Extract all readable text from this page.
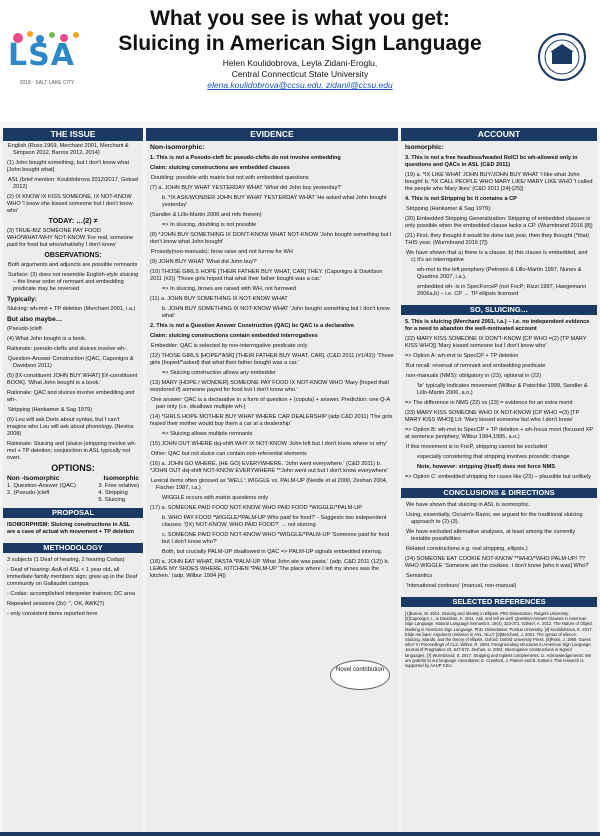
LSA
2018 · SALT LAKE CITY
What you see is what you get:
Sluicing in American Sign Language
Helen Koulidobrova, Leyla Zidani-Eroglu,
Central Connecticut State University
elena.koulidobrova@ccsu.edu, zidanil@ccsu.edu
THE ISSUE

English (Ross 1969, Merchant 2001, Merchant & Simpson 2012, Barros 2012, 2014)

(1) John bought something, but I don't know what [John bought what]

ASL (brief mention: Koulidobrova 2012/2017, Goksel 2012)

(2) IX KNOW IX KISS SOMEONE, IX NOT-KNOW WHO 'I know she kissed someone but I don't know who'

TODAY: …(2) ≠

(3) TRUE-BIZ SOMEONE PAY FOOD WHO/WHAT/WHY NOT-KNOW 'For real, someone paid for food but who/what/why I don't know'

OBSERVATIONS:

Both arguments and adjuncts are possible remnants

Surface: (3) does not resemble English-style sluicing – the linear order of remnant and embedding predicate may be reversed

Typically:

Sluicing: wh-mvt + TP deletion (Merchant 2001, i.a.)

But also maybe…

(Pseudo-)cleft

(4) What John bought is a book.

Rationale: pseudo-clefts and sluices involve wh-.

Question-Answer Construction (QAC, Caponigro & Davidson 2011)

(5) [IX-constituent JOHN BUY WHAT] [IX-constituent BOOK]. 'What John bought is a book.'

Rationale: QAC and sluices involve embedding and wh-.

Stripping (Hankamer & Sag 1979)

(6) Lou will ask Doris about syntax, but I can't imagine who Lou will ask about phonology. (Nevins 2008)

Rationale: Sluicing and (sluice-)stripping involve wh-mvt + TP deletion; conjunction in ASL typically not overt.

OPTIONS:

Non -Isomorphic	Isomorphic
1. Question-Answer (QAC)
2. (Pseudo-)cleft
3. Free relative)
4. Stripping
5. Sluicing
PROPOSAL

ISOMORPHISM: Sluicing constructions in ASL are a case of actual wh movement + TP deletion

METHODOLOGY

3 subjects (1 Deaf of hearing, 2 hearing Codas)

- Deaf of hearing: AoA of ASL < 1 year old, all immediate family members sign; grew up in the Deaf community on Gallaudet campus

- Codas: accomplished interpreter trainers; DC area

Repeated sessions (3x): ", OK, AWK(?)

- only consistent items reported here

EVIDENCE

Non-isomorphic:

1. This is not a Pseudo-cleft bc pseudo-clefts do not involve embedding

Claim: sluicing constructions are embedded clauses

Doubling: possible with matrix but not with embedded questions

(7) a. JOHN BUY WHAT YESTERDAY WHAT 'What did John buy yesterday?'

b. *IX ASK/WONDER JOHN BUY WHAT YESTERDAY WHAT 'He asked what John bought yesterday'

(Sandler & Lillo-Martin 2006 and refs therein)

=> In sluicing, doubling is not possible

(8) *JOHN BUY SOMETHING IX DON'T-KNOW WHAT NOT-KNOW 'John bought something but I don't know what John bought'

Prosody(non-manuals): brow raise and not furrow for WH

(9) JOHN BUY WHAT 'What did John buy?'

(10) THOSE GIRLS HOPE [THEIR FATHER BUY WHAT, CAR] THEY. (Caponigro & Davidson 2011 (#2)) 'Those girls hoped that what their father bought was a car.'

=> In sluicing, brows are raised with WH, not furrowed

(11) a. JOHN BUY SOMETHING IX NOT-KNOW WHAT

b. JOHN BUY SOMETHING IX NOT-KNOW WHAT 'John bought something but I don't know what'

2. This is not a Question Answer Construction (QAC) bc QAC is a declarative

Claim: sluicing constructions contain embedded interrogatives

Embedder: QAC is selected by non-interrogative predicate only

(12) THOSE GIRLS [HOPE/*ASK] [THEIR FATHER BUY WHAT, CAR]. (C&D 2011 (#1/42)) 'Those girls {hoped/*asked} that what their father bought was a car.'

=> Sluicing construction allows any embedder

(13) MARY {HOPE / WONDER} SOMEONE PAY FOOD IX NOT-KNOW WHO 'Mary {hoped that/ wondered if} someone payed for food but I don't know who.'

One answer: QAC is a declarative in a form of question + (copula) + answer. Prediction: one Q-A pair only (i.e. disallows multiple wh-)

(14) *GIRLS HOPE MOTHER BUY WHAT WHERE CAR DEALERSHIP (adp C&D 2011) 'The girls hoped their mother would buy them a car at a dealership'

=> Sluicing allows multiple remnants

(15) JOHN OUT WHERE dsj-shift WHY IX NOT-KNOW 'John left but I don't know where or why'

Other: QAC but not sluice can contain non-referential elements

(16) a. JOHN GO WHERE, (HE GO) EVERYWHERE. 'John went everywhere.' (C&D 2011) b. *JOHN OUT dsj-shift NOT-KNOW EVERYWHERE **John went out but I don't know everywhere'

Lexical items often glossed as 'WELL': WIGGLE vs. PALM-UP (Neidle et al 2000, Zeshan 2004, Fischer 1987, i.a.)

WIGGLE occurs with matrix questions only

(17) a. SOMEONE PAID FOOD NOT-KNOW WHO PAID FOOD *WIGGLE/*PALM-UP

b. WHO PAY FOOD *WIGGLE/*PALM-UP Who paid for food?' - Suggests two independent clauses: '(IX) NOT-KNOW, WHO PAID FOOD?' → not sluicing

c. SOMEONE PAID FOOD NOT-KNOW WHO *WIGGLE/*PALM-UP 'Someone paid for food but I don't know who?'

Both, but crucially PALM-UP disallowed in QAC => PALM-UP signals embedded interrog.

(18) a. JOHN EAT WHAT, PASTA *PALM-UP 'What John ate was pasta.' (adp. C&D 2011 (12)) b. LEAVE MY SHOES WHERE, KITCHEN *PALM-UP 'The place where I left my shoes was the kitchen.' (adp. Wilbur 1994 [4])

Novel contribution
ACCOUNT

Isomorphic:

3. This is not a free headless/headed RelCl bc wh-allowed only in questions and QACs in ASL (C&D 2011)

(19) a. *IX LIKE WHAT JOHN BUY/JOHN BUY WHAT 'I like what John bought' b. *IX CALL PEOPLE WHO MARY LIKE/ MARY LIKE WHO 'I called the people who Mary likes' (C&D 2011 [24]-[25])

4. This is not Stripping bc it contains a CP

Stripping (Hankamer & Sag 1979):

(20) Embedded Stripping Generalization: Stripping of embedded clauses is only possible when the embedded clause lacks a CP. (Wurmbrand 2016 [8])

(21) First, they thought it would be done last year, then they thought (*that) THIS year. (Wurmbrand 2016 [7])

We have shown that a) there is a clause, b) this clause is embedded, and c) it's an interrogative

wh-mvt to the left periphery (Petronio & Lillo-Martin 1997, Nunes & Quadros 2007, i.a.),

embedded wh- is in SpecForceP (not FocP; Rizzi 1997, Haegemann 2006a,b) – i.e. CP → TP ellipsis licensed

SO, SLUICING…

5. This is sluicing (Merchant 2001, i.a.) – i.e. no independent evidence for a need to abandon the well-motivated account

(22) MARY KISS SOMEONE IX DON'T-KNOW [CP WHO =(2) [TP MARY KISS WHO]] 'Mary kissed someone but I don't know who'

=> Option A: wh-mvt to SpecCP + TP deletion

But recall: reversal of remnant and embedding predicate

non-manuals (NMS): obligatory in (23), optional in (22)

'br' typically indicates movement (Wilbur & Patschke 1999, Sandler & Lillo-Martin 2006, a.o.)

=> The difference in NMS (22) vs (23) = evidence for an extra mvmt

(23) MARY KISS SOMEONE WHO IX NOT-KNOW [CP WHO =(3) [TP MARY KISS WHO]] Lit: 'Mary kissed someone but who I don't know'

=> Option B: wh-mvt to SpecCP + TP deletion + wh-focus movt (focused XP at sentence periphery, Wilbur 1994,1995, a.o.)

If this movement is to FocP, stripping cannot be excluded

especially considering that stripping involves prosodic change

Note, however: stripping (itself) does not force NMS

=> Option C: embedded stripping for cases like (23) – plausible but unlikely

CONCLUSIONS & DIRECTIONS

We have shown that sluicing in ASL is isomorphic.

Using, essentially, Occam's Razor, we argued for the traditional sluicing approach to (2)-(3).

We have excluded alternative analyses, at least among the currently testable possibilities

Related constructions e.g. real stripping, ellipsis.)

(24) SOMEONE EAT COOKIE NOT-KNOW **WHO/*WHO PALM-UP/ ??WHO WIGGLE 'Someone ate the cookies. I don't know [who it was] Who?'

Semantics

'Intonational contours' (manual, non-manual)

SELECTED REFERENCES

[1]Barros, M. 2014. Sluicing and Identity in Ellipsis. PhD Dissertation, Rutgers University. [2]Caponigro, I., & Davidson, K. 2011. Ask, and tell as well: Question-Answer Clauses in American Sign Language. Natural Language Semantics, 19(4), 323-371. Goksel, A. 2012. The Nature of Object Marking in American Sign Language. PhD. Dissertation: Purdue University. [4] Koulidobrova, E. 2017. Elide me bare: Argument omission in ASL. NLLT. [5]Merchant, J. 2001. The syntax of silence: Sluicing, islands, and the theory of ellipsis. Oxford: Oxford University Press. [6]Ross, J. 1969. Guess who? In Proceedings of CLS. Wilbur, R. 1994. Foregrounding structures in American Sign Language. Journal of Pragmatics 22, 647-672. Zeshan, U. 2004. Interrogative constructions in signed languages. [7] Wurmbrand, S. 2017. Stripping and topless complements. LI. Acknowledgements: We are grateful to our language consultants: E. Crawford, J. Palmer and B. Katsoni. This research is supported by AAUP CSU.
